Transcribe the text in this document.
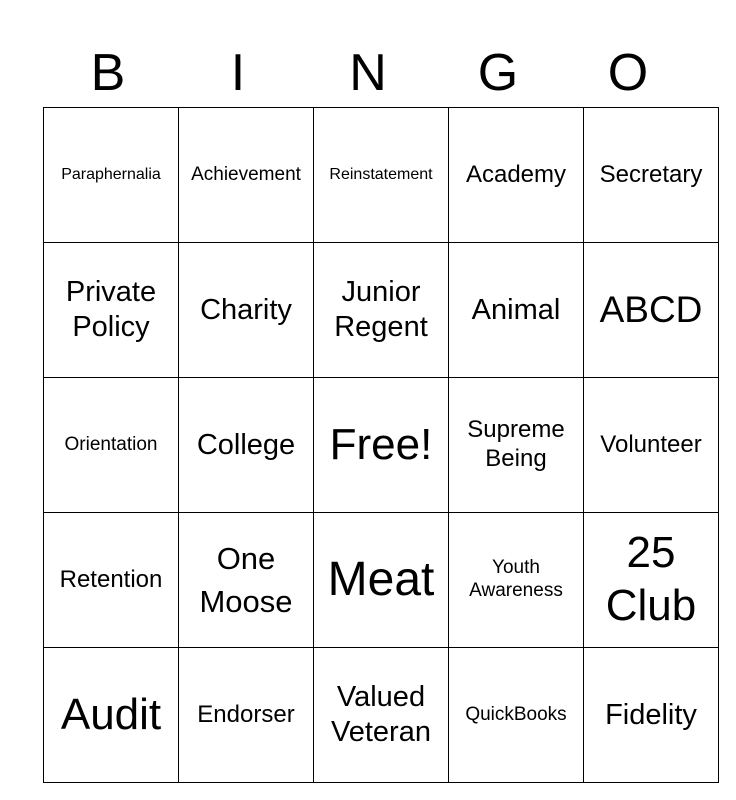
B	I	N	G	O
Paraphernalia	Achievement	Reinstatement	Academy	Secretary
Private Policy	Charity	Junior Regent	Animal	ABCD
Orientation	College	Free!	Supreme Being	Volunteer
Retention	One Moose	Meat	Youth Awareness	25 Club
Audit	Endorser	Valued Veteran	QuickBooks	Fidelity
